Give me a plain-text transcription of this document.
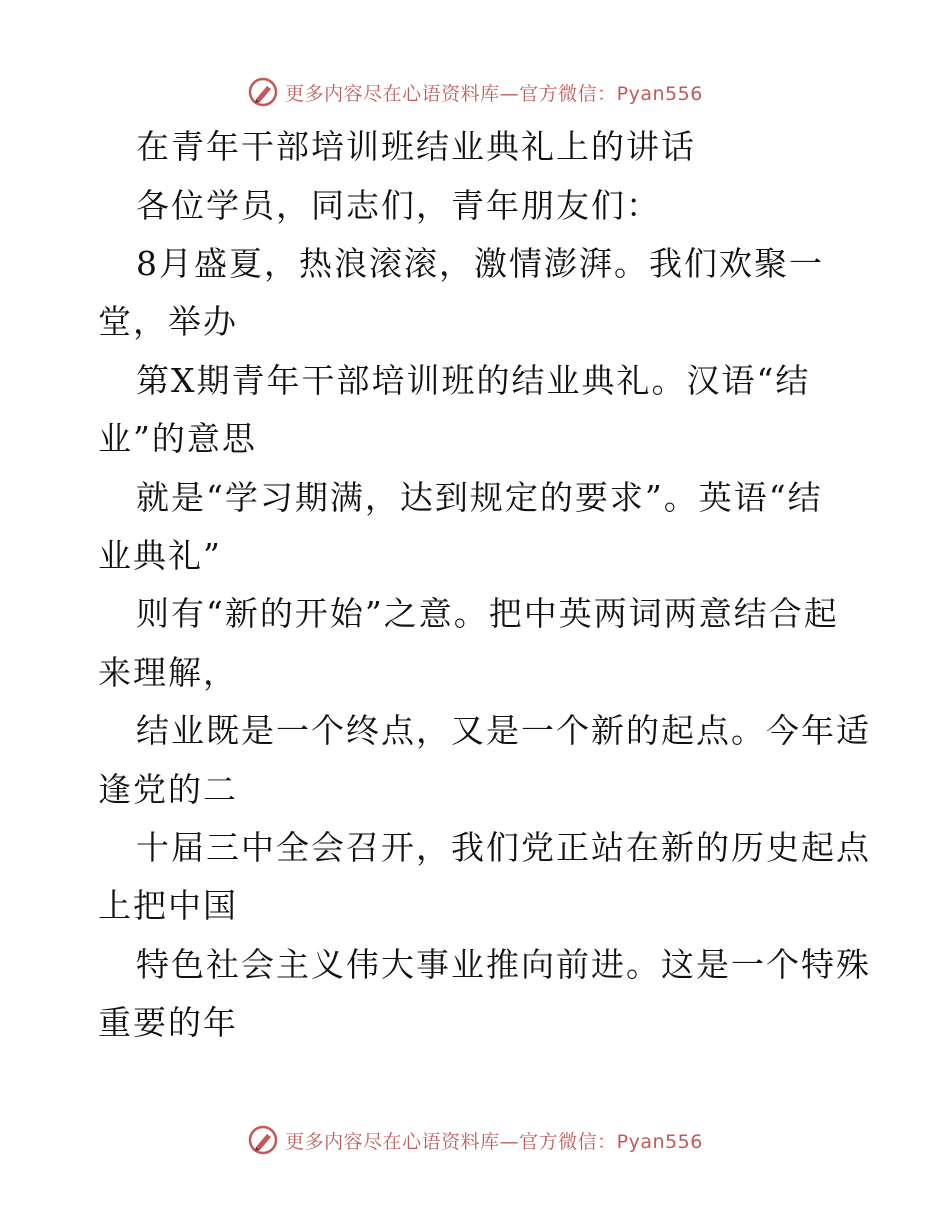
更多内容尽在心语资料库—官方微信：Pyan556
在青年干部培训班结业典礼上的讲话
各位学员，同志们，青年朋友们：
8月盛夏，热浪滚滚，激情澎湃。我们欢聚一
堂，举办
第X期青年干部培训班的结业典礼。汉语“结
业”的意思
就是“学习期满，达到规定的要求”。英语“结
业典礼”
则有“新的开始”之意。把中英两词两意结合起
来理解，
结业既是一个终点，又是一个新的起点。今年适
逢党的二
十届三中全会召开，我们党正站在新的历史起点
上把中国
特色社会主义伟大事业推向前进。这是一个特殊
重要的年
更多内容尽在心语资料库—官方微信：Pyan556
